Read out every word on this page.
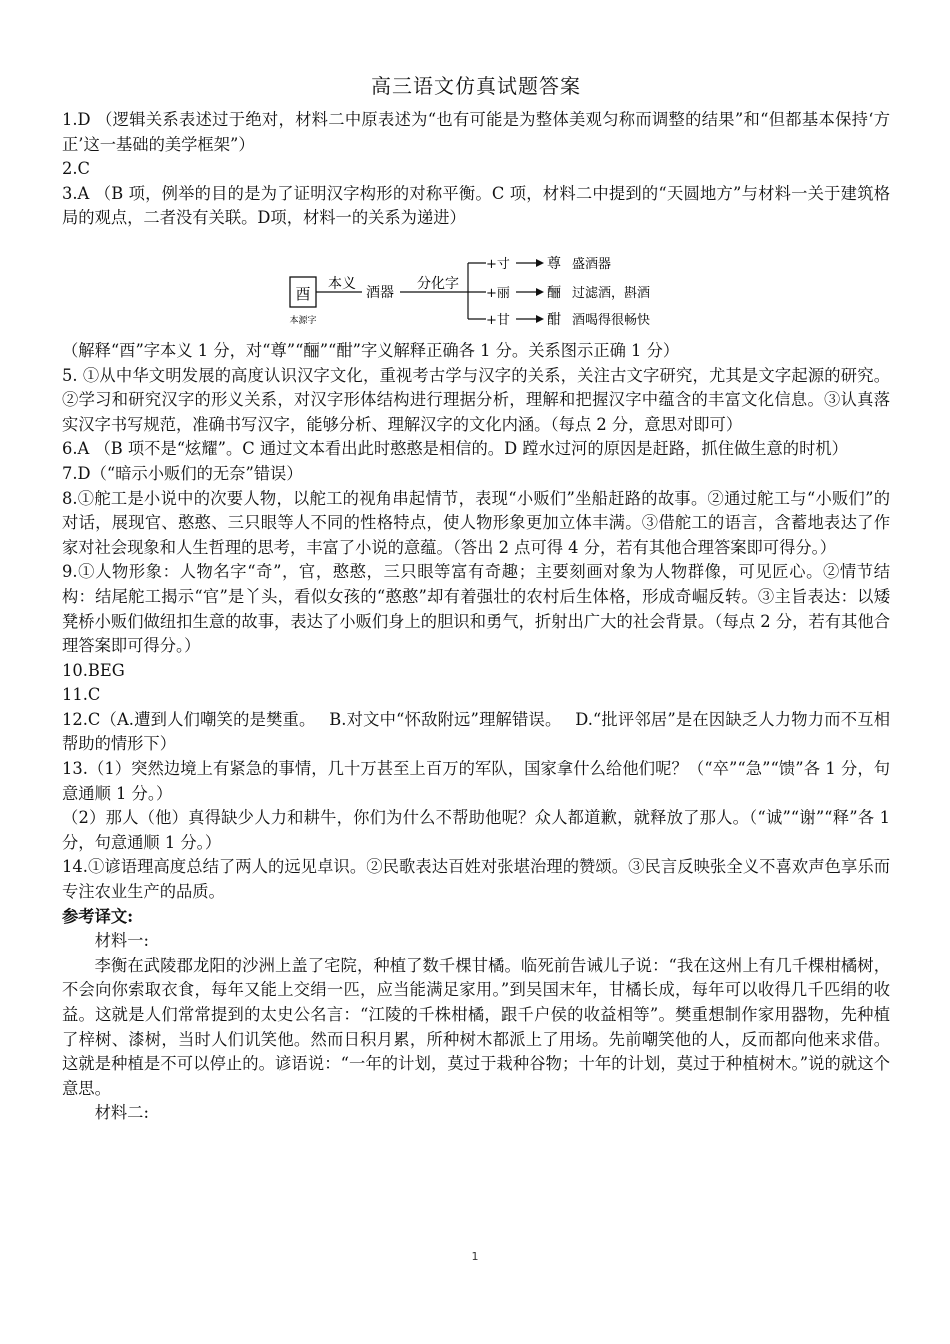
高三语文仿真试题答案

1.D （逻辑关系表述过于绝对，材料二中原表述为“也有可能是为整体美观匀称而调整的结果”和“但都基本保持‘方正’这一基础的美学框架”）

2.C

3.A （B 项，例举的目的是为了证明汉字构形的对称平衡。C 项，材料二中提到的“天圆地方”与材料一关于建筑格局的观点，二者没有关联。D项，材料一的关系为递进）

酉
本源字
本义
酒器
分化字
+寸	尊 盛酒器
+丽	酾 过滤酒，斟酒
+甘	酣 酒喝得很畅快

（解释“酉”字本义 1 分，对“尊”“酾”“酣”字义解释正确各 1 分。关系图示正确 1 分）

5. ①从中华文明发展的高度认识汉字文化，重视考古学与汉字的关系，关注古文字研究，尤其是文字起源的研究。②学习和研究汉字的形义关系，对汉字形体结构进行理据分析，理解和把握汉字中蕴含的丰富文化信息。③认真落实汉字书写规范，准确书写汉字，能够分析、理解汉字的文化内涵。（每点 2 分，意思对即可）

6.A （B 项不是“炫耀”。C 通过文本看出此时憨憨是相信的。D 蹚水过河的原因是赶路，抓住做生意的时机）

7.D（“暗示小贩们的无奈”错误）

8.①舵工是小说中的次要人物，以舵工的视角串起情节，表现“小贩们”坐船赶路的故事。②通过舵工与“小贩们”的对话，展现官、憨憨、三只眼等人不同的性格特点，使人物形象更加立体丰满。③借舵工的语言，含蓄地表达了作家对社会现象和人生哲理的思考，丰富了小说的意蕴。（答出 2 点可得 4 分，若有其他合理答案即可得分。）

9.①人物形象：人物名字“奇”，官，憨憨，三只眼等富有奇趣；主要刻画对象为人物群像，可见匠心。②情节结构：结尾舵工揭示“官”是丫头，看似女孩的“憨憨”却有着强壮的农村后生体格，形成奇崛反转。③主旨表达：以矮凳桥小贩们做纽扣生意的故事，表达了小贩们身上的胆识和勇气，折射出广大的社会背景。（每点 2 分，若有其他合理答案即可得分。）

10.BEG

11.C

12.C（A.遭到人们嘲笑的是樊重。　 B.对文中“怀敌附远”理解错误。　 D.“批评邻居”是在因缺乏人力物力而不互相帮助的情形下）

13.（1）突然边境上有紧急的事情，几十万甚至上百万的军队，国家拿什么给他们呢？（“卒”“急”“馈”各 1 分，句意通顺 1 分。）

（2）那人（他）真得缺少人力和耕牛，你们为什么不帮助他呢？众人都道歉，就释放了那人。（“诚”“谢”“释”各 1 分，句意通顺 1 分。）

14.①谚语理高度总结了两人的远见卓识。②民歌表达百姓对张堪治理的赞颂。③民言反映张全义不喜欢声色享乐而专注农业生产的品质。

参考译文:

材料一:

李衡在武陵郡龙阳的沙洲上盖了宅院，种植了数千棵甘橘。临死前告诫儿子说：“我在这州上有几千棵柑橘树，不会向你索取衣食，每年又能上交绢一匹，应当能满足家用。”到吴国末年，甘橘长成，每年可以收得几千匹绢的收益。这就是人们常常提到的太史公名言：“江陵的千株柑橘，跟千户侯的收益相等”。樊重想制作家用器物，先种植了梓树、漆树，当时人们讥笑他。然而日积月累，所种树木都派上了用场。先前嘲笑他的人，反而都向他来求借。这就是种植是不可以停止的。谚语说：“一年的计划，莫过于栽种谷物；十年的计划，莫过于种植树木。”说的就这个意思。

材料二:

1
